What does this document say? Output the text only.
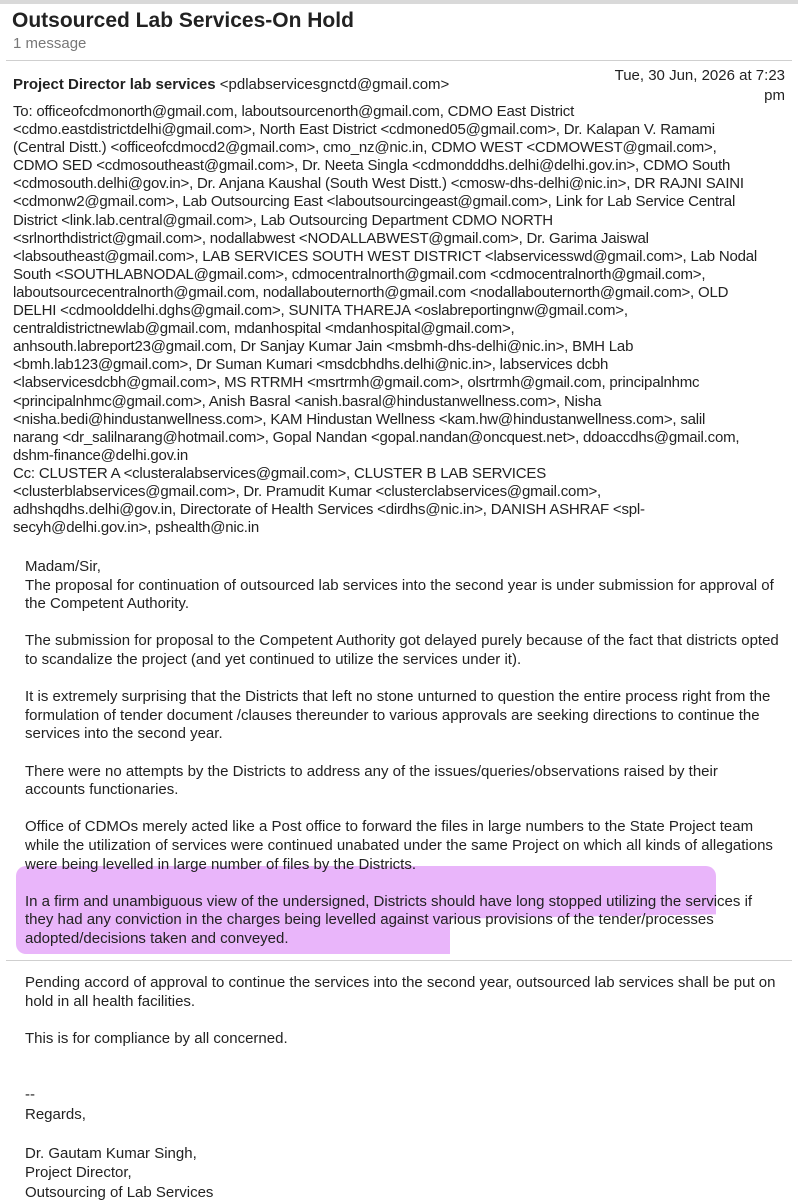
Outsourced Lab Services-On Hold
1 message
Project Director lab services <pdlabservicesgnctd@gmail.com>
Tue, 30 Jun, 2026 at 7:23
pm

To: officeofcdmonorth@gmail.com, laboutsourcenorth@gmail.com, CDMO East District

<cdmo.eastdistrictdelhi@gmail.com>, North East District <cdmoned05@gmail.com>, Dr. Kalapan V. Ramami

(Central Distt.) <officeofcdmocd2@gmail.com>, cmo_nz@nic.in, CDMO WEST <CDMOWEST@gmail.com>,

CDMO SED <cdmosoutheast@gmail.com>, Dr. Neeta Singla <cdmondddhs.delhi@delhi.gov.in>, CDMO South

<cdmosouth.delhi@gov.in>, Dr. Anjana Kaushal (South West Distt.) <cmosw-dhs-delhi@nic.in>, DR RAJNI SAINI

<cdmonw2@gmail.com>, Lab Outsourcing East <laboutsourcingeast@gmail.com>, Link for Lab Service Central

District <link.lab.central@gmail.com>, Lab Outsourcing Department CDMO NORTH

<srlnorthdistrict@gmail.com>, nodallabwest <NODALLABWEST@gmail.com>, Dr. Garima Jaiswal

<labsoutheast@gmail.com>, LAB SERVICES SOUTH WEST DISTRICT <labservicesswd@gmail.com>, Lab Nodal

South <SOUTHLABNODAL@gmail.com>, cdmocentralnorth@gmail.com <cdmocentralnorth@gmail.com>,

laboutsourcecentralnorth@gmail.com, nodallabouternorth@gmail.com <nodallabouternorth@gmail.com>, OLD

DELHI <cdmoolddelhi.dghs@gmail.com>, SUNITA THAREJA <oslabreportingnw@gmail.com>,

centraldistrictnewlab@gmail.com, mdanhospital <mdanhospital@gmail.com>,

anhsouth.labreport23@gmail.com, Dr Sanjay Kumar Jain <msbmh-dhs-delhi@nic.in>, BMH Lab

<bmh.lab123@gmail.com>, Dr Suman Kumari <msdcbhdhs.delhi@nic.in>, labservices dcbh

<labservicesdcbh@gmail.com>, MS RTRMH <msrtrmh@gmail.com>, olsrtrmh@gmail.com, principalnhmc

<principalnhmc@gmail.com>, Anish Basral <anish.basral@hindustanwellness.com>, Nisha

<nisha.bedi@hindustanwellness.com>, KAM Hindustan Wellness <kam.hw@hindustanwellness.com>, salil

narang <dr_salilnarang@hotmail.com>, Gopal Nandan <gopal.nandan@oncquest.net>, ddoaccdhs@gmail.com,

dshm-finance@delhi.gov.in

Cc: CLUSTER A <clusteralabservices@gmail.com>, CLUSTER B LAB SERVICES

<clusterblabservices@gmail.com>, Dr. Pramudit Kumar <clusterclabservices@gmail.com>,

adhshqdhs.delhi@gov.in, Directorate of Health Services <dirdhs@nic.in>, DANISH ASHRAF <spl-

secyh@delhi.gov.in>, pshealth@nic.in

Madam/Sir,

The proposal for continuation of outsourced lab services into the second year is under submission for approval of the Competent Authority.

The submission for proposal to the Competent Authority got delayed purely because of the fact that districts opted to scandalize the project (and yet continued to utilize the services under it).

It is extremely surprising that the Districts that left no stone unturned to question the entire process right from the formulation of tender document /clauses thereunder to various approvals are seeking directions to continue the services into the second year.

There were no attempts by the Districts to address any of the issues/queries/observations raised by their accounts functionaries.

Office of CDMOs merely acted like a Post office to forward the files in large numbers to the State Project team while the utilization of services were continued unabated under the same Project on which all kinds of allegations were being levelled in large number of files by the Districts.

In a firm and unambiguous view of the undersigned, Districts should have long stopped utilizing the services if they had any conviction in the charges being levelled against various provisions of the tender/processes adopted/decisions taken and conveyed.

Pending accord of approval to continue the services into the second year, outsourced lab services shall be put on hold in all health facilities.

This is for compliance by all concerned.

--
Regards,
Dr. Gautam Kumar Singh,
Project Director,
Outsourcing of Lab Services
